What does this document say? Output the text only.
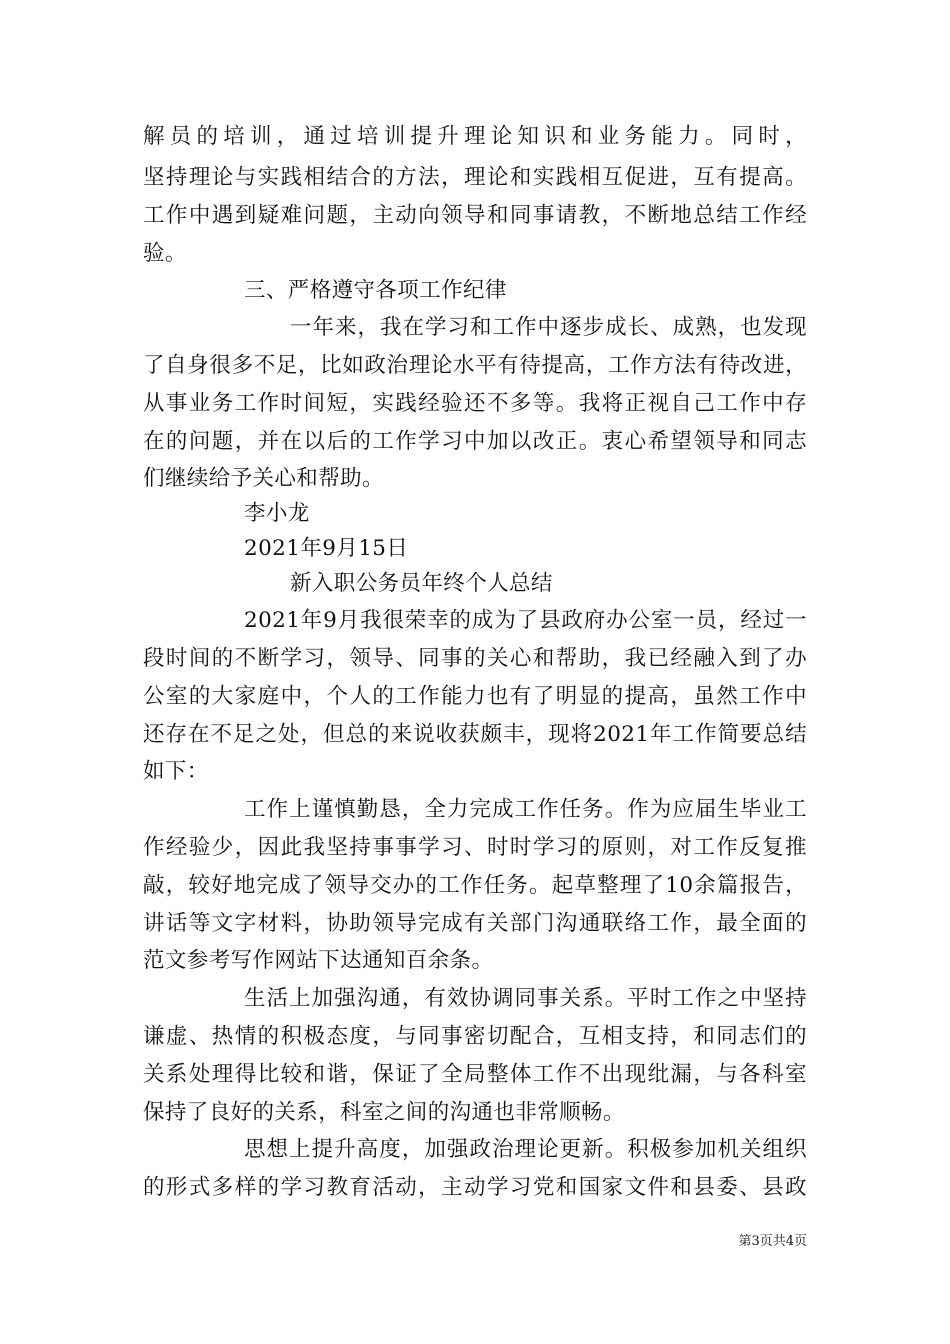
解员的培训，通过培训提升理论知识和业务能力。同时，
坚持理论与实践相结合的方法，理论和实践相互促进，互有提高。
工作中遇到疑难问题，主动向领导和同事请教，不断地总结工作经
验。
三、严格遵守各项工作纪律
一年来，我在学习和工作中逐步成长、成熟，也发现
了自身很多不足，比如政治理论水平有待提高，工作方法有待改进，
从事业务工作时间短，实践经验还不多等。我将正视自己工作中存
在的问题，并在以后的工作学习中加以改正。衷心希望领导和同志
们继续给予关心和帮助。
李小龙
2021年9月15日
新入职公务员年终个人总结
2021年9月我很荣幸的成为了县政府办公室一员，经过一
段时间的不断学习，领导、同事的关心和帮助，我已经融入到了办
公室的大家庭中，个人的工作能力也有了明显的提高，虽然工作中
还存在不足之处，但总的来说收获颇丰，现将2021年工作简要总结
如下：
工作上谨慎勤恳，全力完成工作任务。作为应届生毕业工
作经验少，因此我坚持事事学习、时时学习的原则，对工作反复推
敲，较好地完成了领导交办的工作任务。起草整理了10余篇报告，
讲话等文字材料，协助领导完成有关部门沟通联络工作，最全面的
范文参考写作网站下达通知百余条。
生活上加强沟通，有效协调同事关系。平时工作之中坚持
谦虚、热情的积极态度，与同事密切配合，互相支持，和同志们的
关系处理得比较和谐，保证了全局整体工作不出现纰漏，与各科室
保持了良好的关系，科室之间的沟通也非常顺畅。
思想上提升高度，加强政治理论更新。积极参加机关组织
的形式多样的学习教育活动，主动学习党和国家文件和县委、县政
第3页共4页
